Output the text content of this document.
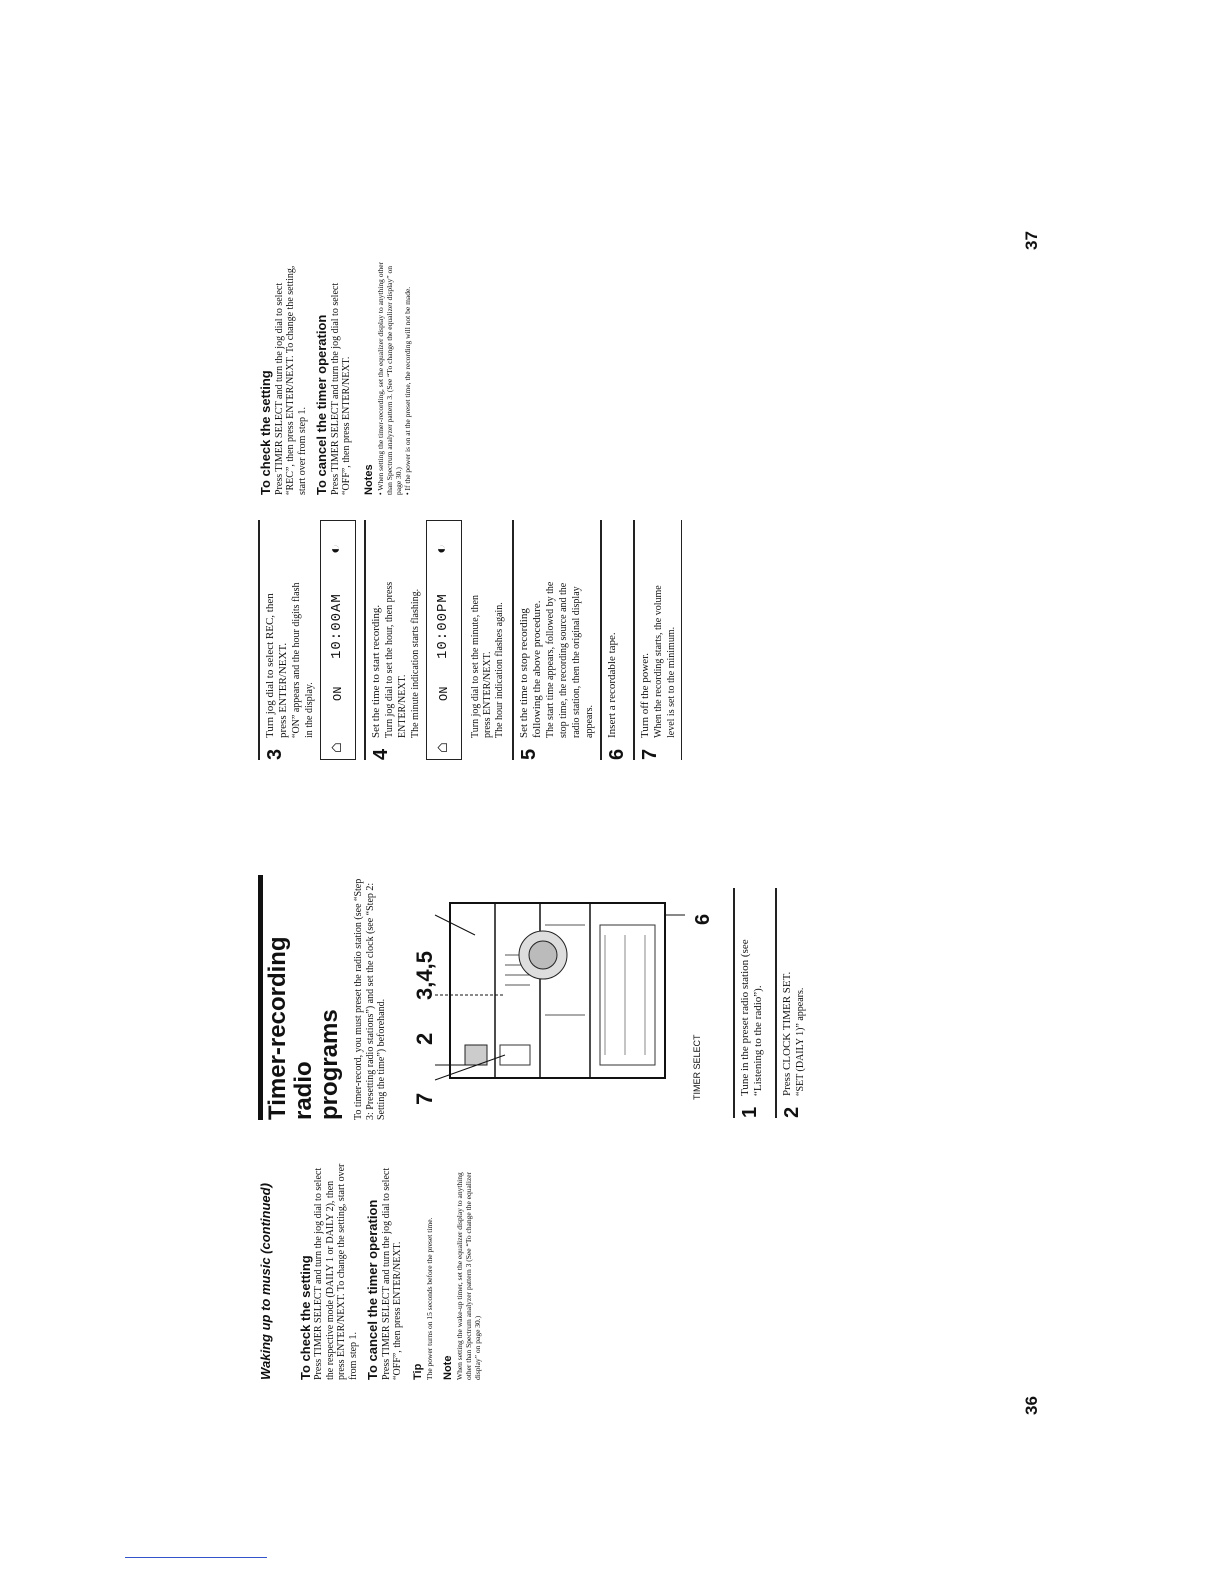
Waking up to music (continued) To check the setting Press TIMER SELECT and turn the jog dial to select the respective mode (DAILY 1 or DAILY 2), then press ENTER/NEXT. To change the setting, start over from step 1. To cancel the timer operation Press TIMER SELECT and turn the jog dial to select “OFF”, then press ENTER/NEXT. Tip The power turns on 15 seconds before the preset time. Note When setting the wake-up timer, set the equalizer display to anything other than Spectrum analyzer pattern 3 (See “To change the equalizer display” on page 30.)

36
Timer-recording radio programs To timer-record, you must preset the radio station (see “Step 3: Presetting radio stations”) and set the clock (see “Step 2: Setting the time”) beforehand. 7
2
3,4,5
6
TIMER SELECT
1Tune in the preset radio station (see
“Listening to the radio”).
2Press CLOCK TIMER SET. “SET (DAILY 1)” appears.
3Turn jog dial to select REC, then
press ENTER/NEXT. “ON” appears and the hour digits flash in the display.
⌂
ON
10:00AM
◐
4Set the time to start recording. Turn jog dial to set the hour, then press ENTER/NEXT. The minute indication starts flashing.
⌂
ON
10:00PM
◐
Turn jog dial to set the minute, then
press ENTER/NEXT.
The hour indication flashes again.
5Set the time to stop recording
following the above procedure. The start time appears, followed by the stop time, the recording source and the radio station, then the original display appears.
6Insert a recordable tape.
7Turn off the power. When the recording starts, the volume level is set to the minimum.

To check the setting Press TIMER SELECT and turn the jog dial to select “REC”, then press ENTER/NEXT. To change the setting, start over from step 1. To cancel the timer operation Press TIMER SELECT and turn the jog dial to select “OFF”, then press ENTER/NEXT. Notes • When setting the timer-recording, set the equalizer display to anything other than Spectrum analyzer pattern 3. (See “To change the equalizer display” on page 30.) • If the power is on at the preset time, the recording will not be made.

37
